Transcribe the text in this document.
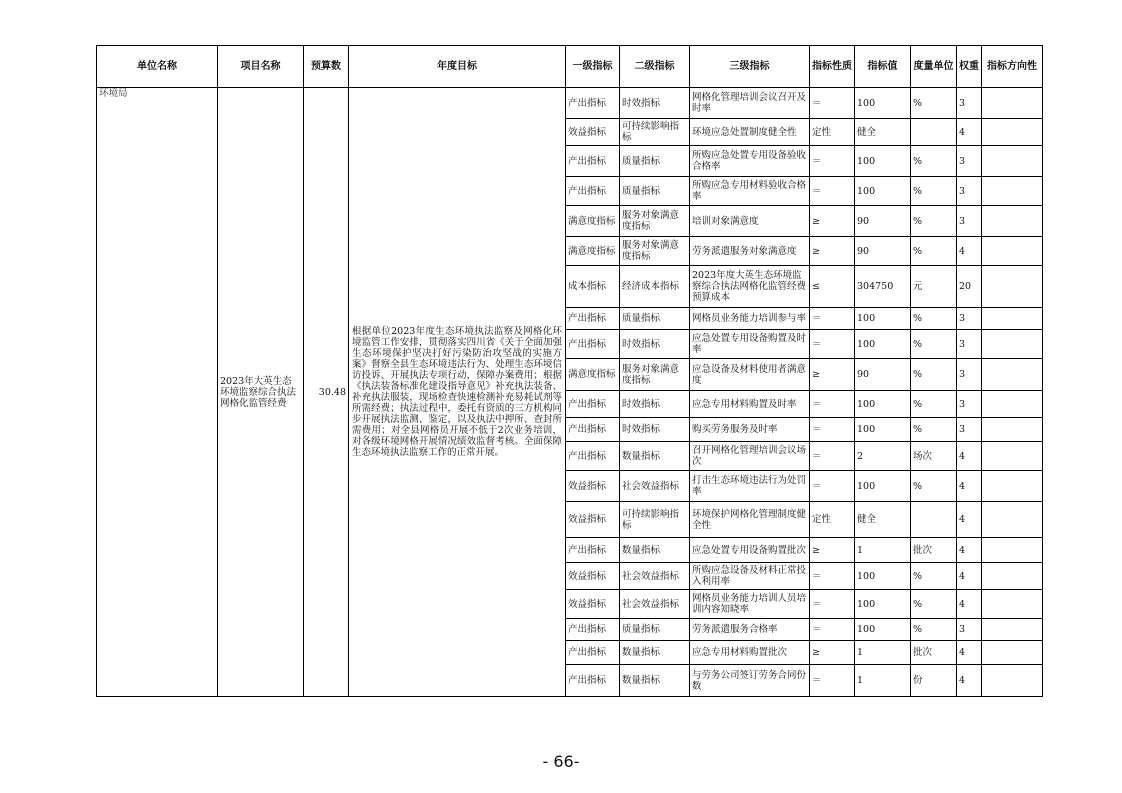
单位名称	项目名称	预算数	年度目标	一级指标	二级指标	三级指标	指标性质	指标值	度量单位	权重	指标方向性
环境局	2023年大英生态环境监察综合执法网格化监管经费	30.48	根据单位2023年度生态环境执法监察及网格化环境监管工作安排，贯彻落实四川省《关于全面加强生态环境保护坚决打好污染防治攻坚战的实施方案》督察全县生态环境违法行为、处理生态环境信访投诉、开展执法专项行动，保障办案费用；根据《执法装备标准化建设指导意见》补充执法装备、补充执法服装，现场检查快速检测补充易耗试剂等所需经费；执法过程中，委托有资质的三方机构同步开展执法监测、鉴定，以及执法中押所、查封所需费用；对全县网格员开展不低于2次业务培训，对各级环境网格开展情况绩效监督考核。全面保障生态环境执法监察工作的正常开展。	产出指标	时效指标	网格化管理培训会议召开及时率	＝	100	%	3	
				效益指标	可持续影响指标	环境应急处置制度健全性	定性	健全		4	
				产出指标	质量指标	所购应急处置专用设备验收合格率	＝	100	%	3	
				产出指标	质量指标	所购应急专用材料验收合格率	＝	100	%	3	
				满意度指标	服务对象满意度指标	培训对象满意度	≥	90	%	3	
				满意度指标	服务对象满意度指标	劳务派遣服务对象满意度	≥	90	%	4	
				成本指标	经济成本指标	2023年度大英生态环境监察综合执法网格化监管经费预算成本	≤	304750	元	20	
				产出指标	质量指标	网格员业务能力培训参与率	＝	100	%	3	
				产出指标	时效指标	应急处置专用设备购置及时率	＝	100	%	3	
				满意度指标	服务对象满意度指标	应急设备及材料使用者满意度	≥	90	%	3	
				产出指标	时效指标	应急专用材料购置及时率	＝	100	%	3	
				产出指标	时效指标	购买劳务服务及时率	＝	100	%	3	
				产出指标	数量指标	召开网格化管理培训会议场次	＝	2	场次	4	
				效益指标	社会效益指标	打击生态环境违法行为处罚率	＝	100	%	4	
				效益指标	可持续影响指标	环境保护网格化管理制度健全性	定性	健全		4	
				产出指标	数量指标	应急处置专用设备购置批次	≥	1	批次	4	
				效益指标	社会效益指标	所购应急设备及材料正常投入利用率	＝	100	%	4	
				效益指标	社会效益指标	网格员业务能力培训人员培训内容知晓率	＝	100	%	4	
				产出指标	质量指标	劳务派遣服务合格率	＝	100	%	3	
				产出指标	数量指标	应急专用材料购置批次	≥	1	批次	4	
				产出指标	数量指标	与劳务公司签订劳务合同份数	＝	1	份	4	
- 66-
